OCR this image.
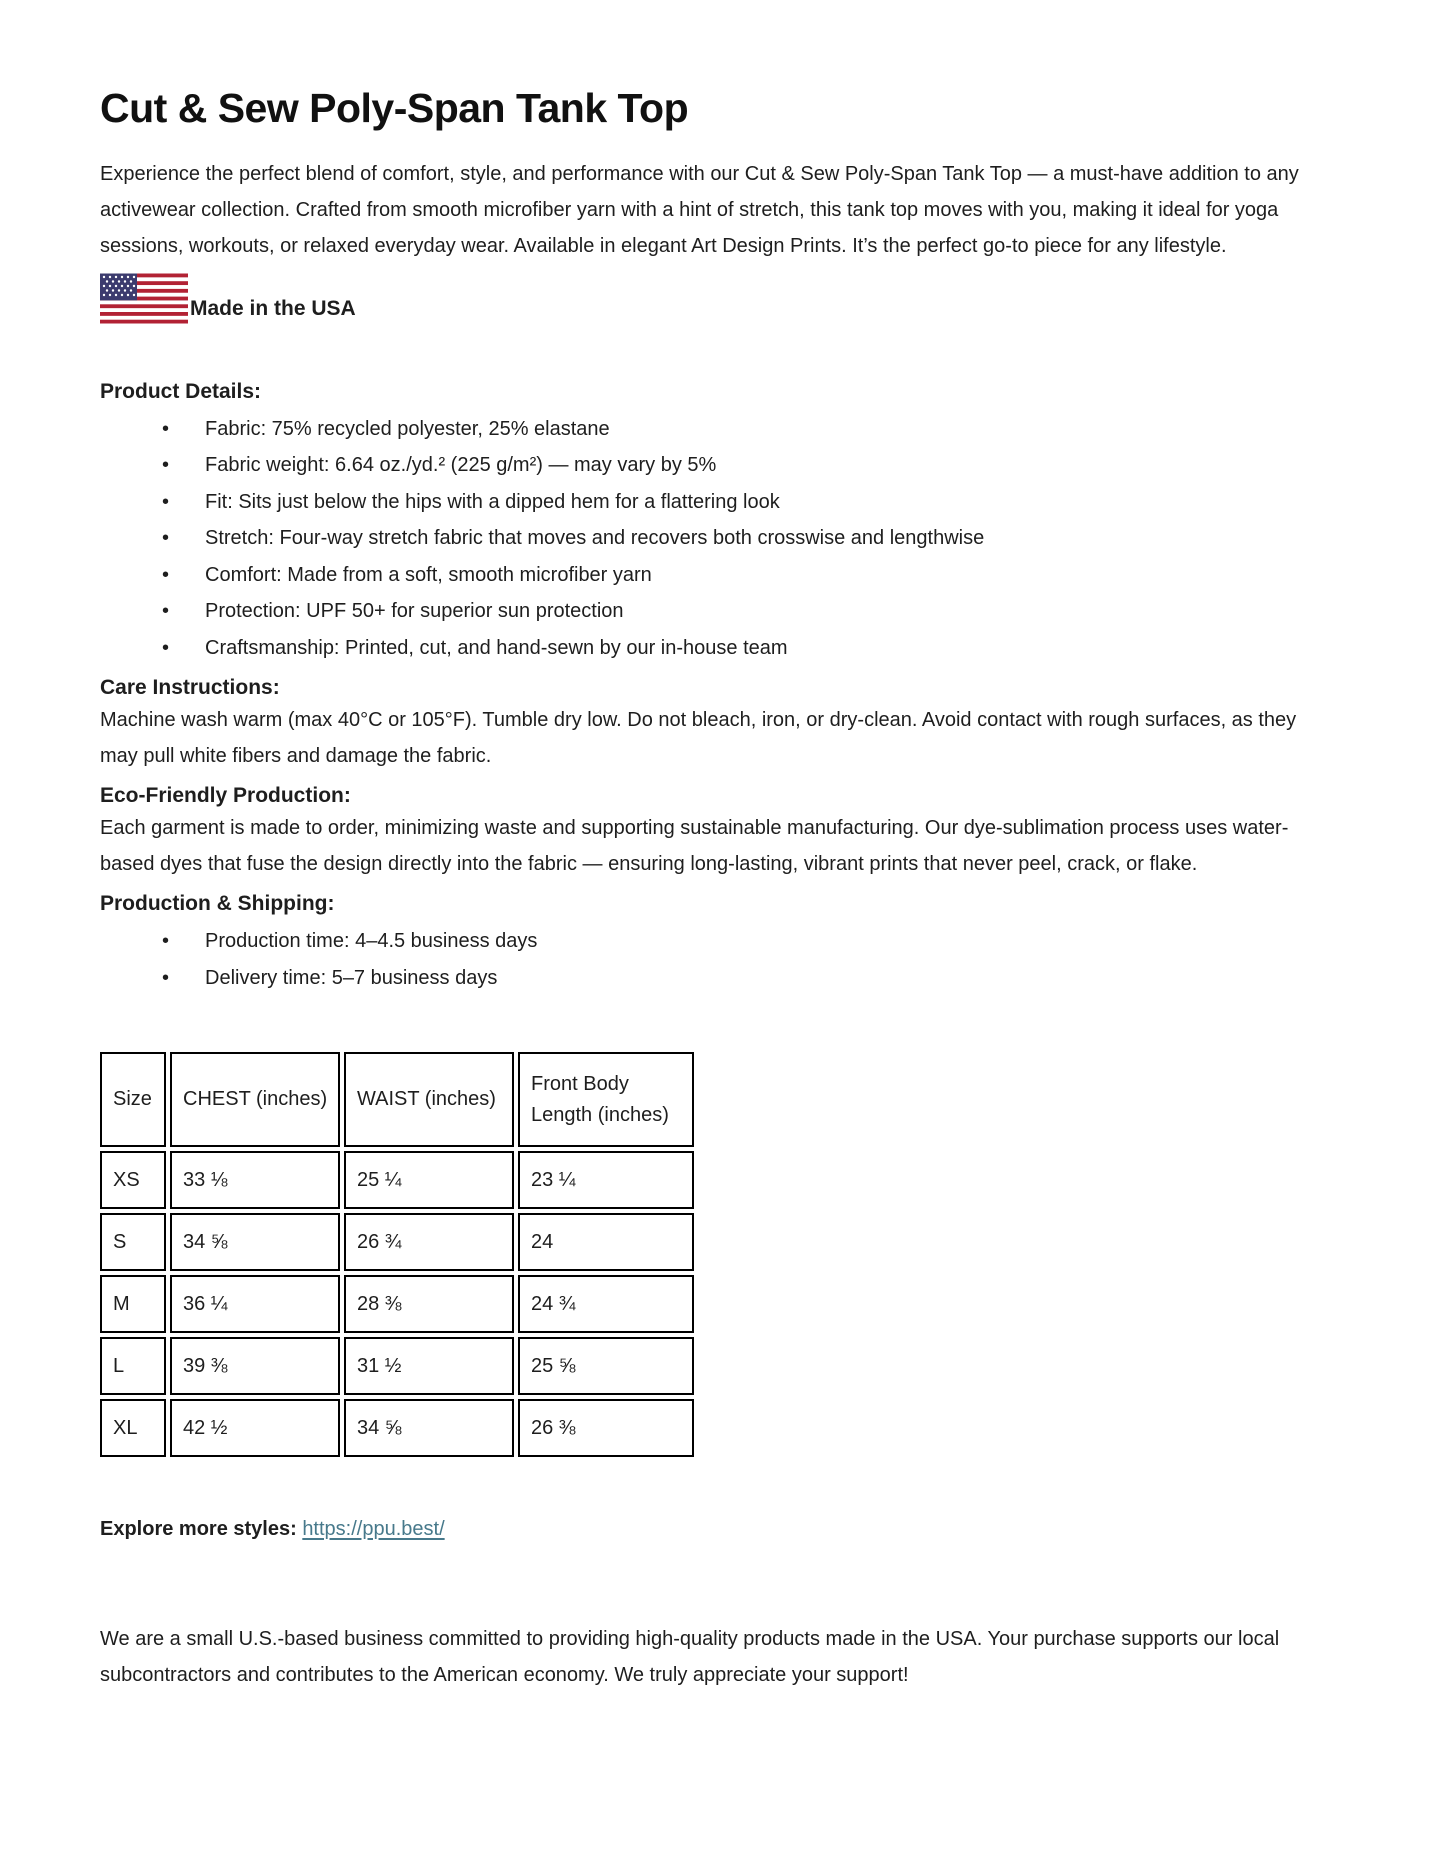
Cut & Sew Poly-Span Tank Top

Experience the perfect blend of comfort, style, and performance with our Cut & Sew Poly-Span Tank Top — a must-have addition to any activewear collection. Crafted from smooth microfiber yarn with a hint of stretch, this tank top moves with you, making it ideal for yoga sessions, workouts, or relaxed everyday wear. Available in elegant Art Design Prints. It’s the perfect go-to piece for any lifestyle.

Made in the USA
Product Details:
• Fabric: 75% recycled polyester, 25% elastane
• Fabric weight: 6.64 oz./yd.² (225 g/m²) — may vary by 5%
• Fit: Sits just below the hips with a dipped hem for a flattering look
• Stretch: Four-way stretch fabric that moves and recovers both crosswise and lengthwise
• Comfort: Made from a soft, smooth microfiber yarn
• Protection: UPF 50+ for superior sun protection
• Craftsmanship: Printed, cut, and hand-sewn by our in-house team
Care Instructions:

Machine wash warm (max 40°C or 105°F). Tumble dry low. Do not bleach, iron, or dry-clean. Avoid contact with rough surfaces, as they may pull white fibers and damage the fabric.

Eco-Friendly Production:

Each garment is made to order, minimizing waste and supporting sustainable manufacturing. Our dye-sublimation process uses water-based dyes that fuse the design directly into the fabric — ensuring long-lasting, vibrant prints that never peel, crack, or flake.

Production & Shipping:
• Production time: 4–4.5 business days
• Delivery time: 5–7 business days
Size	CHEST (inches)	WAIST (inches)	Front Body Length (inches)
XS	33 ⅛	25 ¼	23 ¼
S	34 ⅝	26 ¾	24
M	36 ¼	28 ⅜	24 ¾
L	39 ⅜	31 ½	25 ⅝
XL	42 ½	34 ⅝	26 ⅜

Explore more styles: https://ppu.best/

We are a small U.S.-based business committed to providing high-quality products made in the USA. Your purchase supports our local subcontractors and contributes to the American economy. We truly appreciate your support!
